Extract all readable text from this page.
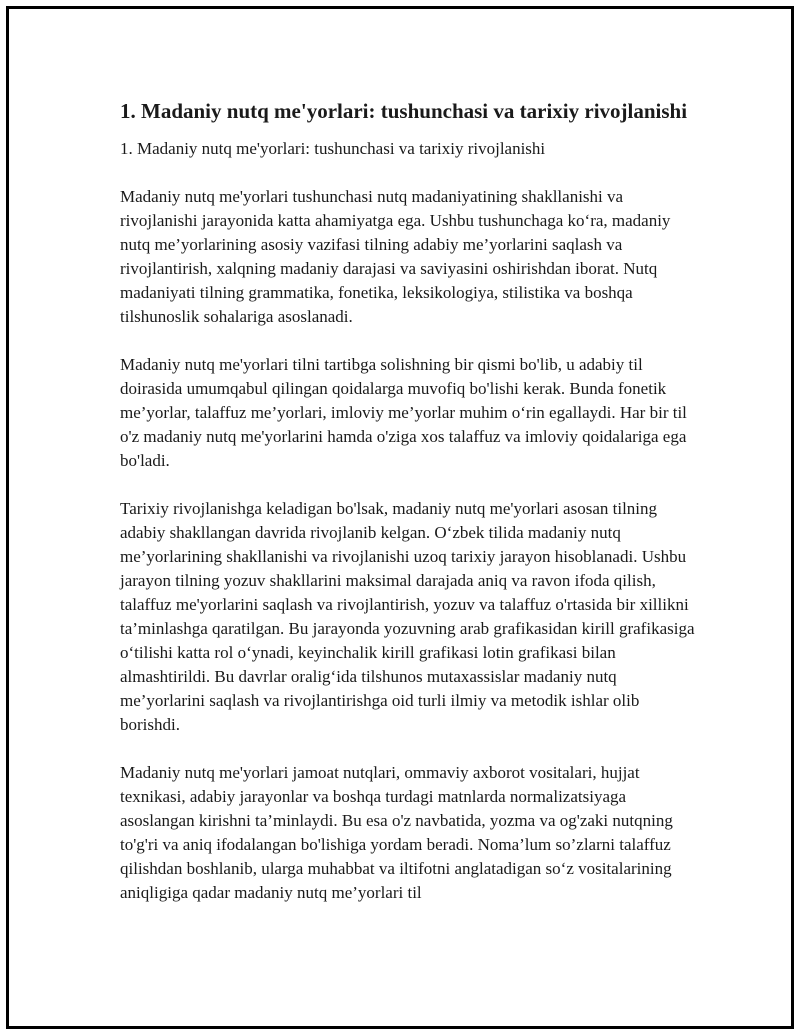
1. Madaniy nutq me'yorlari: tushunchasi va tarixiy rivojlanishi

1. Madaniy nutq me'yorlari: tushunchasi va tarixiy rivojlanishi

Madaniy nutq me'yorlari tushunchasi nutq madaniyatining shakllanishi va rivojlanishi jarayonida katta ahamiyatga ega. Ushbu tushunchaga ko‘ra, madaniy nutq me’yorlarining asosiy vazifasi tilning adabiy me’yorlarini saqlash va rivojlantirish, xalqning madaniy darajasi va saviyasini oshirishdan iborat. Nutq madaniyati tilning grammatika, fonetika, leksikologiya, stilistika va boshqa tilshunoslik sohalariga asoslanadi.

Madaniy nutq me'yorlari tilni tartibga solishning bir qismi bo'lib, u adabiy til doirasida umumqabul qilingan qoidalarga muvofiq bo'lishi kerak. Bunda fonetik me’yorlar, talaffuz me’yorlari, imloviy me’yorlar muhim o‘rin egallaydi. Har bir til o'z madaniy nutq me'yorlarini hamda o'ziga xos talaffuz va imloviy qoidalariga ega bo'ladi.

Tarixiy rivojlanishga keladigan bo'lsak, madaniy nutq me'yorlari asosan tilning adabiy shakllangan davrida rivojlanib kelgan. O‘zbek tilida madaniy nutq me’yorlarining shakllanishi va rivojlanishi uzoq tarixiy jarayon hisoblanadi. Ushbu jarayon tilning yozuv shakllarini maksimal darajada aniq va ravon ifoda qilish, talaffuz me'yorlarini saqlash va rivojlantirish, yozuv va talaffuz o'rtasida bir xillikni ta’minlashga qaratilgan. Bu jarayonda yozuvning arab grafikasidan kirill grafikasiga o‘tilishi katta rol o‘ynadi, keyinchalik kirill grafikasi lotin grafikasi bilan almashtirildi. Bu davrlar oralig‘ida tilshunos mutaxassislar madaniy nutq me’yorlarini saqlash va rivojlantirishga oid turli ilmiy va metodik ishlar olib borishdi.

Madaniy nutq me'yorlari jamoat nutqlari, ommaviy axborot vositalari, hujjat texnikasi, adabiy jarayonlar va boshqa turdagi matnlarda normalizatsiyaga asoslangan kirishni ta’minlaydi. Bu esa o'z navbatida, yozma va og'zaki nutqning to'g'ri va aniq ifodalangan bo'lishiga yordam beradi. Noma’lum so’zlarni talaffuz qilishdan boshlanib, ularga muhabbat va iltifotni anglatadigan so‘z vositalarining aniqligiga qadar madaniy nutq me’yorlari til
